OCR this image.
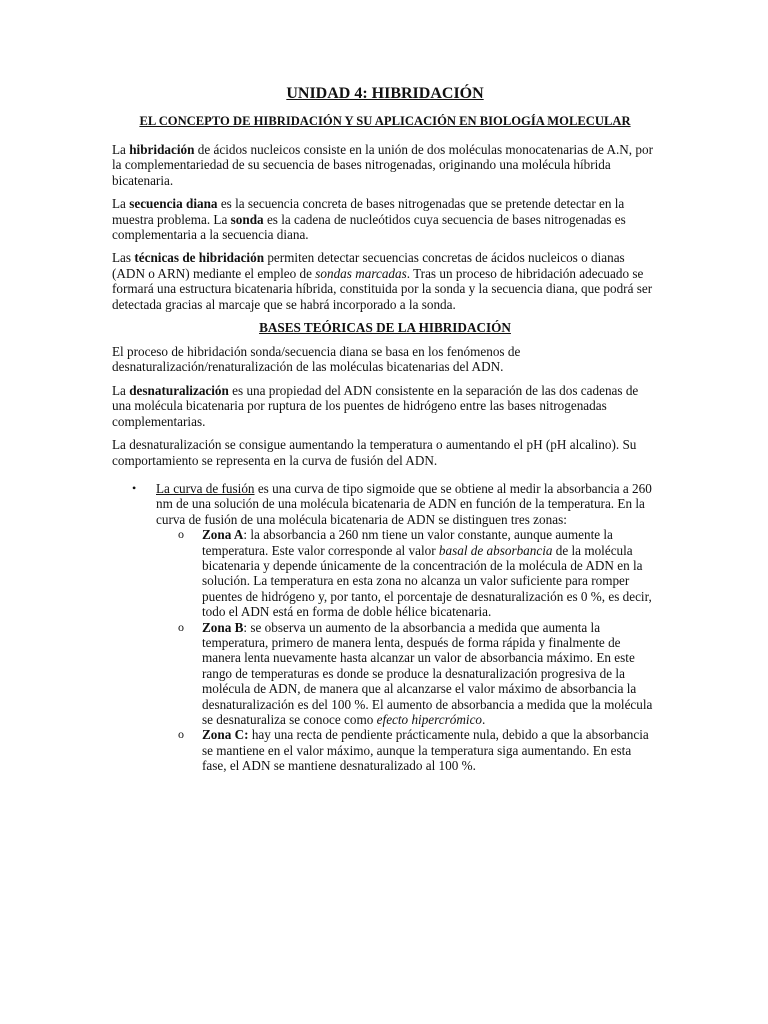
UNIDAD 4: HIBRIDACIÓN
EL CONCEPTO DE HIBRIDACIÓN Y SU APLICACIÓN EN BIOLOGÍA MOLECULAR

La hibridación de ácidos nucleicos consiste en la unión de dos moléculas monocatenarias de A.N, por la complementariedad de su secuencia de bases nitrogenadas, originando una molécula híbrida bicatenaria.

La secuencia diana es la secuencia concreta de bases nitrogenadas que se pretende detectar en la muestra problema. La sonda es la cadena de nucleótidos cuya secuencia de bases nitrogenadas es complementaria a la secuencia diana.

Las técnicas de hibridación permiten detectar secuencias concretas de ácidos nucleicos o dianas (ADN o ARN) mediante el empleo de sondas marcadas. Tras un proceso de hibridación adecuado se formará una estructura bicatenaria híbrida, constituida por la sonda y la secuencia diana, que podrá ser detectada gracias al marcaje que se habrá incorporado a la sonda.

BASES TEÓRICAS DE LA HIBRIDACIÓN

El proceso de hibridación sonda/secuencia diana se basa en los fenómenos de desnaturalización/renaturalización de las moléculas bicatenarias del ADN.

La desnaturalización es una propiedad del ADN consistente en la separación de las dos cadenas de una molécula bicatenaria por ruptura de los puentes de hidrógeno entre las bases nitrogenadas complementarias.

La desnaturalización se consigue aumentando la temperatura o aumentando el pH (pH alcalino). Su comportamiento se representa en la curva de fusión del ADN.

• La curva de fusión es una curva de tipo sigmoide que se obtiene al medir la absorbancia a 260 nm de una solución de una molécula bicatenaria de ADN en función de la temperatura. En la curva de fusión de una molécula bicatenaria de ADN se distinguen tres zonas:
o Zona A: la absorbancia a 260 nm tiene un valor constante, aunque aumente la temperatura. Este valor corresponde al valor basal de absorbancia de la molécula bicatenaria y depende únicamente de la concentración de la molécula de ADN en la solución. La temperatura en esta zona no alcanza un valor suficiente para romper puentes de hidrógeno y, por tanto, el porcentaje de desnaturalización es 0 %, es decir, todo el ADN está en forma de doble hélice bicatenaria.
o Zona B: se observa un aumento de la absorbancia a medida que aumenta la temperatura, primero de manera lenta, después de forma rápida y finalmente de manera lenta nuevamente hasta alcanzar un valor de absorbancia máximo. En este rango de temperaturas es donde se produce la desnaturalización progresiva de la molécula de ADN, de manera que al alcanzarse el valor máximo de absorbancia la desnaturalización es del 100 %. El aumento de absorbancia a medida que la molécula se desnaturaliza se conoce como efecto hipercrómico.
o Zona C: hay una recta de pendiente prácticamente nula, debido a que la absorbancia se mantiene en el valor máximo, aunque la temperatura siga aumentando. En esta fase, el ADN se mantiene desnaturalizado al 100 %.
